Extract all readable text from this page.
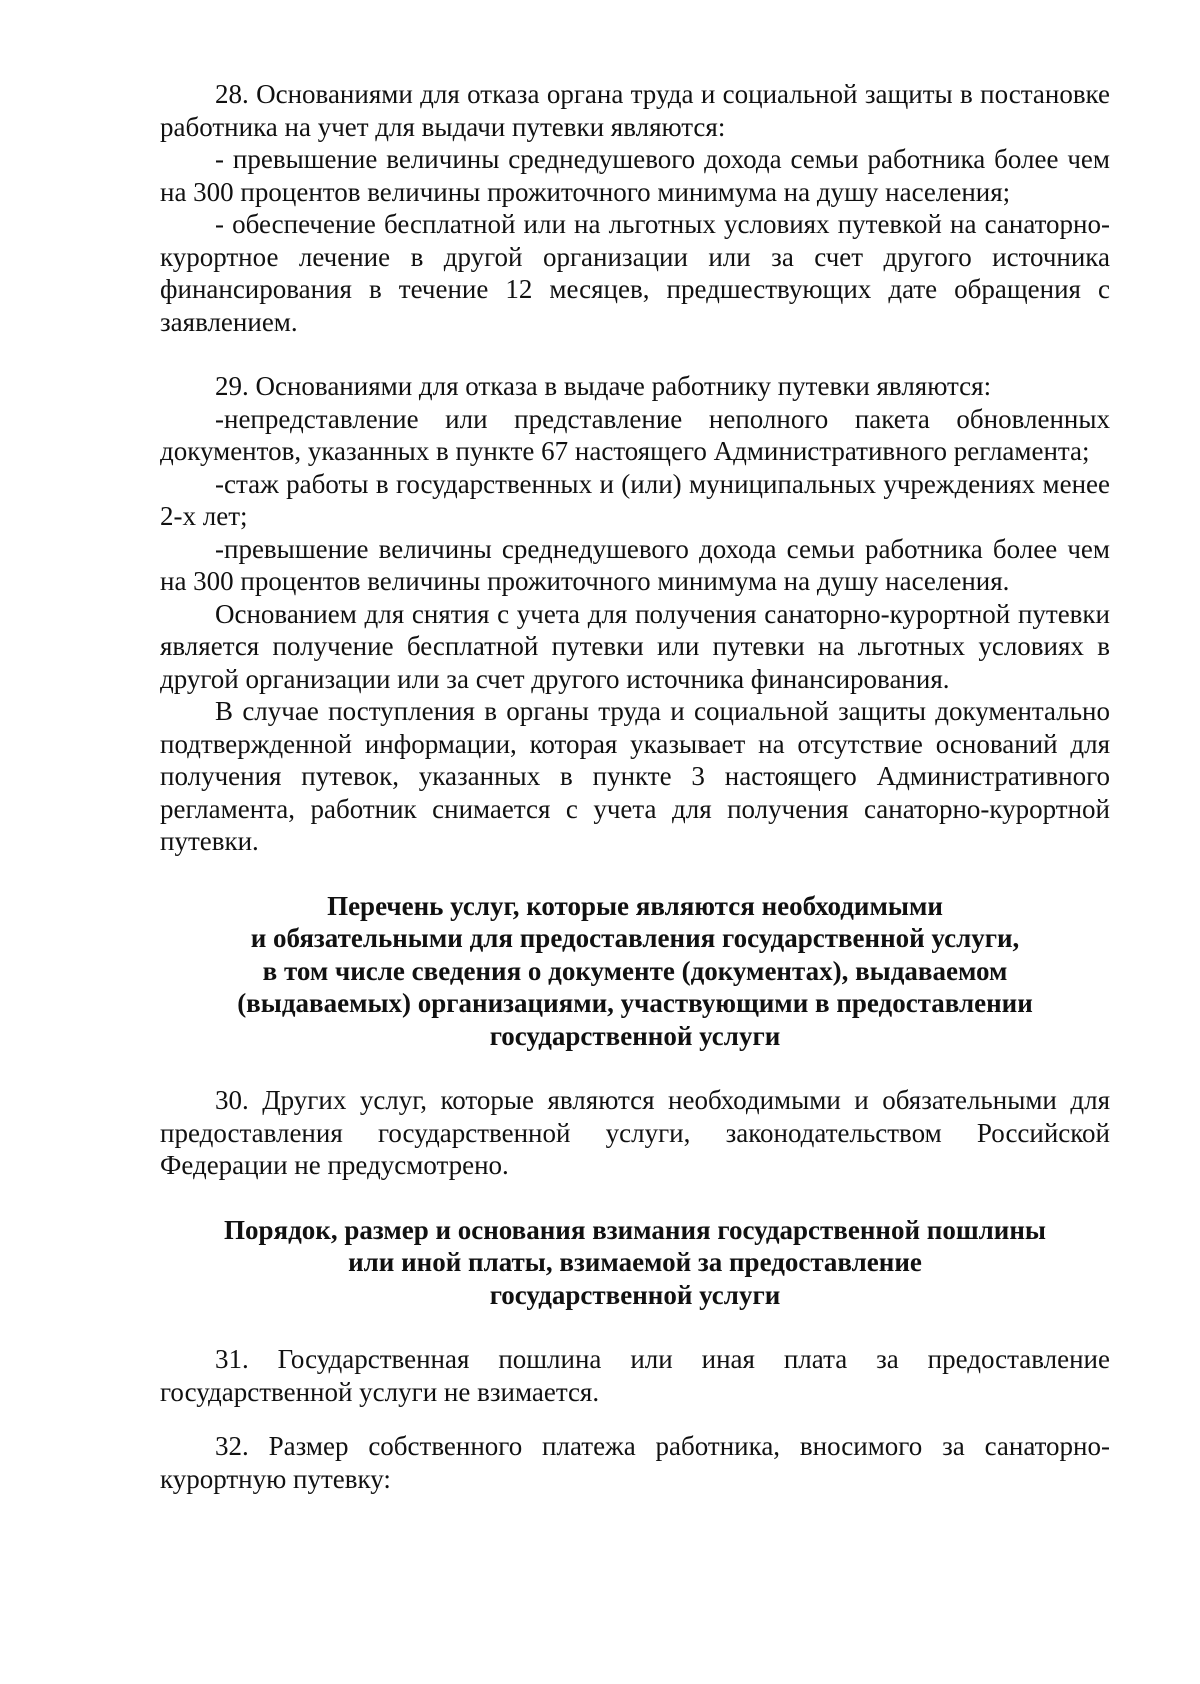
28. Основаниями для отказа органа труда и социальной защиты в постановке работника на учет для выдачи путевки являются:

- превышение величины среднедушевого дохода семьи работника более чем на 300 процентов величины прожиточного минимума на душу населения;

- обеспечение бесплатной или на льготных условиях путевкой на санаторно-курортное лечение в другой организации или за счет другого источника финансирования в течение 12 месяцев, предшествующих дате обращения с заявлением.

29. Основаниями для отказа в выдаче работнику путевки являются:

-непредставление или представление неполного пакета обновленных документов, указанных в пункте 67 настоящего Административного регламента;

-стаж работы в государственных и (или) муниципальных учреждениях менее 2-х лет;

-превышение величины среднедушевого дохода семьи работника более чем на 300 процентов величины прожиточного минимума на душу населения.

Основанием для снятия с учета для получения санаторно-курортной путевки является получение бесплатной путевки или путевки на льготных условиях в другой организации или за счет другого источника финансирования.

В случае поступления в органы труда и социальной защиты документально подтвержденной информации, которая указывает на отсутствие оснований для получения путевок, указанных в пункте 3 настоящего Административного регламента, работник снимается с учета для получения санаторно-курортной путевки.

Перечень услуг, которые являются необходимыми

и обязательными для предоставления государственной услуги,

в том числе сведения о документе (документах), выдаваемом

(выдаваемых) организациями, участвующими в предоставлении

государственной услуги

30. Других услуг, которые являются необходимыми и обязательными для предоставления государственной услуги, законодательством Российской Федерации не предусмотрено.

Порядок, размер и основания взимания государственной пошлины

или иной платы, взимаемой за предоставление

государственной услуги

31. Государственная пошлина или иная плата за предоставление государственной услуги не взимается.

32. Размер собственного платежа работника, вносимого за санаторно-курортную путевку:
